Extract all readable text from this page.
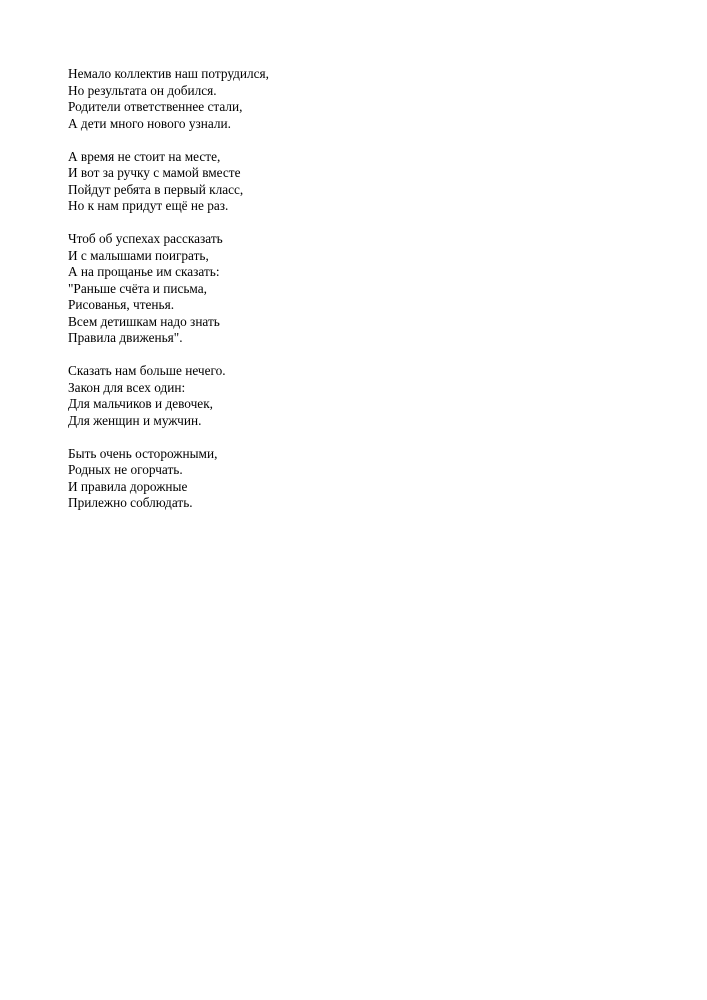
Немало коллектив наш потрудился,
Но результата он добился.
Родители ответственнее стали,
А дети много нового узнали.
А время не стоит на месте,
И вот за ручку с мамой вместе
Пойдут ребята в первый класс,
Но к нам придут ещё не раз.
Чтоб об успехах рассказать
И с малышами поиграть,
А на прощанье им сказать:
"Раньше счёта и письма,
Рисованья, чтенья.
Всем детишкам надо знать
Правила движенья".
Сказать нам больше нечего.
Закон для всех один:
Для мальчиков и девочек,
Для женщин и мужчин.
Быть очень осторожными,
Родных не огорчать.
И правила дорожные
Прилежно соблюдать.
